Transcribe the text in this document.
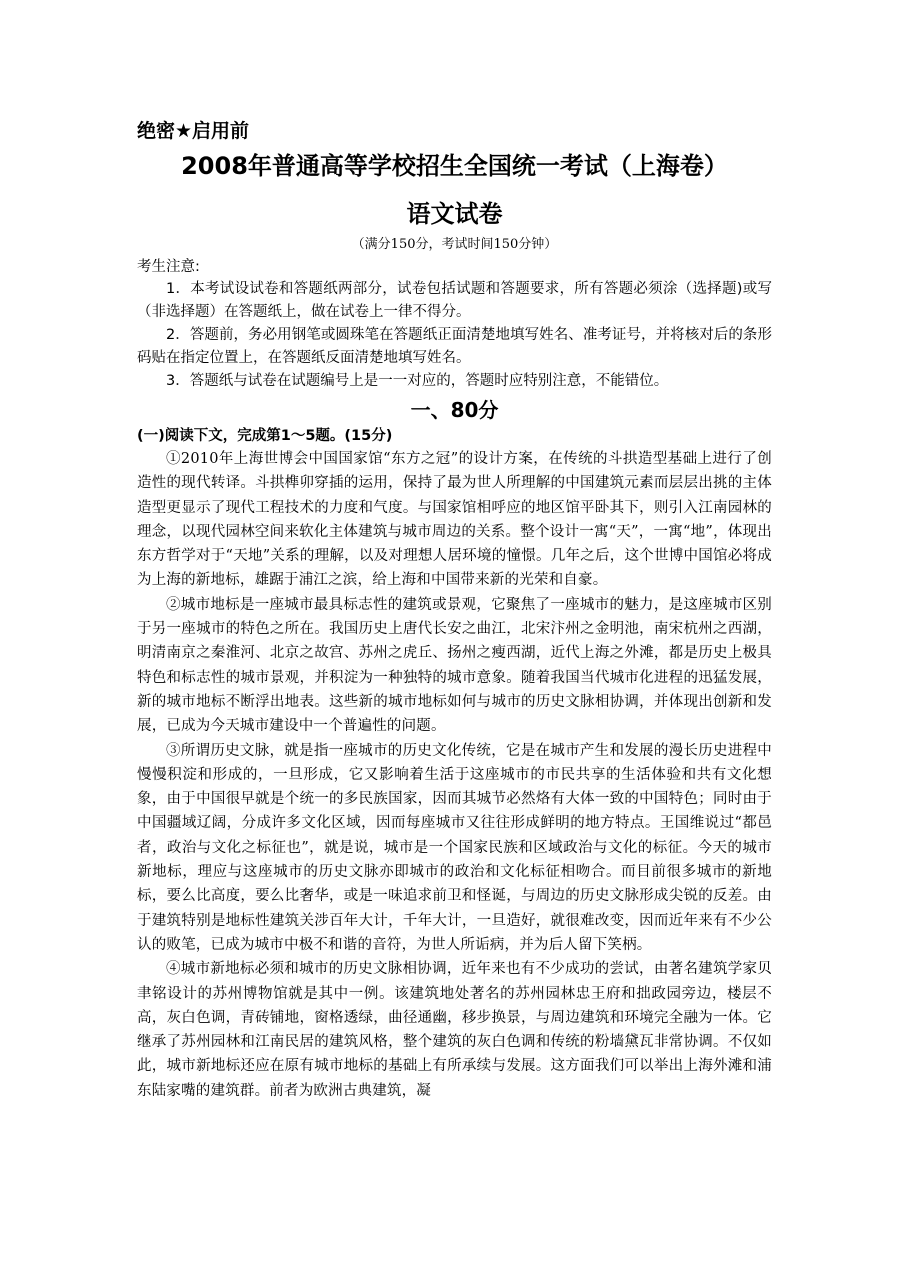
绝密★启用前
2008年普通高等学校招生全国统一考试（上海卷）
语文试卷
（满分150分，考试时间150分钟）
考生注意:
1．本考试设试卷和答题纸两部分，试卷包括试题和答题要求，所有答题必须涂（选择题)或写（非选择题）在答题纸上，做在试卷上一律不得分。
2．答题前，务必用钢笔或圆珠笔在答题纸正面清楚地填写姓名、准考证号，并将核对后的条形码贴在指定位置上，在答题纸反面清楚地填写姓名。
3．答题纸与试卷在试题编号上是一一对应的，答题时应特别注意，不能错位。
一、80分
(一)阅读下文，完成第1～5题。(15分)
①2010年上海世博会中国国家馆“东方之冠”的设计方案，在传统的斗拱造型基础上进行了创造性的现代转译。斗拱榫卯穿插的运用，保持了最为世人所理解的中国建筑元素而层层出挑的主体造型更显示了现代工程技术的力度和气度。与国家馆相呼应的地区馆平卧其下，则引入江南园林的理念，以现代园林空间来软化主体建筑与城市周边的关系。整个设计一寓“天”，一寓“地”，体现出东方哲学对于“天地”关系的理解，以及对理想人居环境的憧憬。几年之后，这个世博中国馆必将成为上海的新地标，雄踞于浦江之滨，给上海和中国带来新的光荣和自豪。
②城市地标是一座城市最具标志性的建筑或景观，它聚焦了一座城市的魅力，是这座城市区别于另一座城市的特色之所在。我国历史上唐代长安之曲江，北宋汴州之金明池，南宋杭州之西湖，明清南京之秦淮河、北京之故宫、苏州之虎丘、扬州之瘦西湖，近代上海之外滩，都是历史上极具特色和标志性的城市景观，并积淀为一种独特的城市意象。随着我国当代城市化进程的迅猛发展，新的城市地标不断浮出地表。这些新的城市地标如何与城市的历史文脉相协调，并体现出创新和发展，已成为今天城市建设中一个普遍性的问题。
③所谓历史文脉，就是指一座城市的历史文化传统，它是在城市产生和发展的漫长历史进程中慢慢积淀和形成的，一旦形成，它又影响着生活于这座城市的市民共享的生活体验和共有文化想象，由于中国很早就是个统一的多民族国家，因而其城节必然烙有大体一致的中国特色；同时由于中国疆域辽阔，分成许多文化区域，因而每座城市又往往形成鲜明的地方特点。王国维说过“都邑者，政治与文化之标征也”，就是说，城市是一个国家民族和区域政治与文化的标征。今天的城市新地标，理应与这座城市的历史文脉亦即城市的政治和文化标征相吻合。而目前很多城市的新地标，要么比高度，要么比奢华，或是一味追求前卫和怪诞，与周边的历史文脉形成尖锐的反差。由于建筑特别是地标性建筑关涉百年大计，千年大计，一旦造好，就很难改变，因而近年来有不少公认的败笔，已成为城市中极不和谐的音符，为世人所诟病，并为后人留下笑柄。
④城市新地标必须和城市的历史文脉相协调，近年来也有不少成功的尝试，由著名建筑学家贝聿铭设计的苏州博物馆就是其中一例。该建筑地处著名的苏州园林忠王府和拙政园旁边，楼层不高，灰白色调，青砖铺地，窗格透绿，曲径通幽，移步换景，与周边建筑和环境完全融为一体。它继承了苏州园林和江南民居的建筑风格，整个建筑的灰白色调和传统的粉墙黛瓦非常协调。不仅如此，城市新地标还应在原有城市地标的基础上有所承续与发展。这方面我们可以举出上海外滩和浦东陆家嘴的建筑群。前者为欧洲古典建筑，凝
